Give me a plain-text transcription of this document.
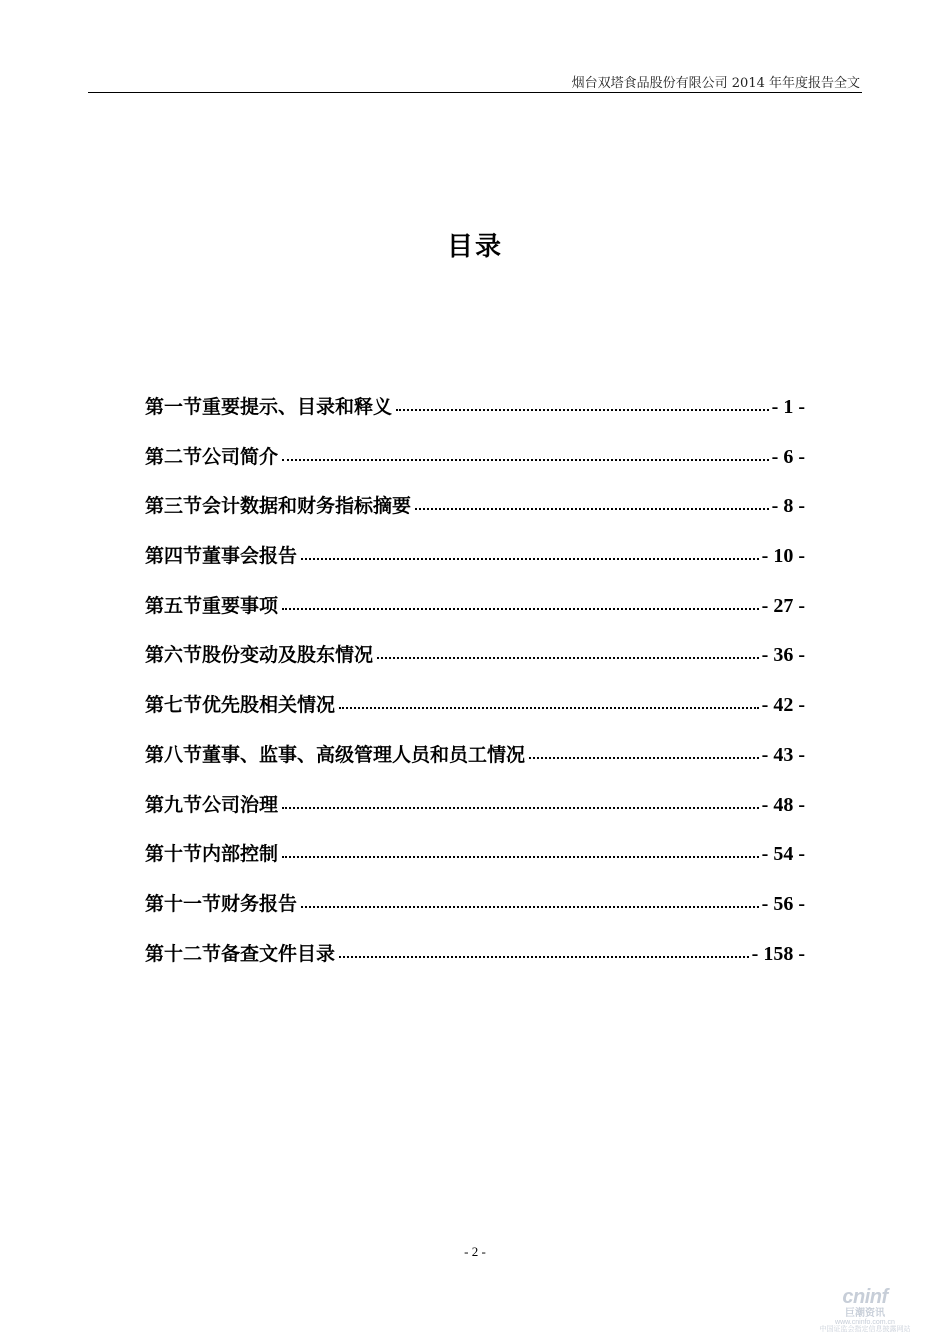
烟台双塔食品股份有限公司 2014 年年度报告全文
目录
第一节重要提示、目录和释义	- 1 -
第二节公司简介	- 6 -
第三节会计数据和财务指标摘要	- 8 -
第四节董事会报告	- 10 -
第五节重要事项	- 27 -
第六节股份变动及股东情况	- 36 -
第七节优先股相关情况	- 42 -
第八节董事、监事、高级管理人员和员工情况	- 43 -
第九节公司治理	- 48 -
第十节内部控制	- 54 -
第十一节财务报告	- 56 -
第十二节备查文件目录	- 158 -
- 2 -
cninf
巨潮资讯
www.cninfo.com.cn
中国证监会指定信息披露网站
